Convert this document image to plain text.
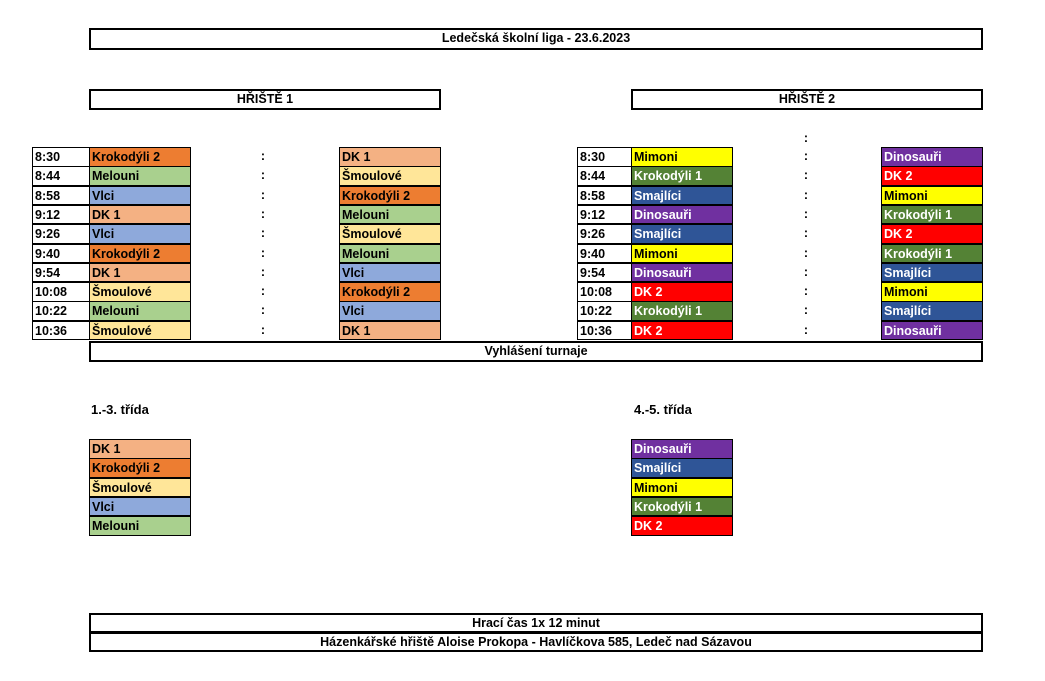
Ledečská školní liga - 23.6.2023
HŘIŠTĚ 1	HŘIŠTĚ 2
:
8:30	Krokodýli 2	:	DK 1
8:44	Melouni	:	Šmoulové
8:58	Vlci	:	Krokodýli 2
9:12	DK 1	:	Melouni
9:26	Vlci	:	Šmoulové
9:40	Krokodýli 2	:	Melouni
9:54	DK 1	:	Vlci
10:08	Šmoulové	:	Krokodýli 2
10:22	Melouni	:	Vlci
10:36	Šmoulové	:	DK 1
8:30	Mimoni	:	Dinosauři
8:44	Krokodýli 1	:	DK 2
8:58	Smajlíci	:	Mimoni
9:12	Dinosauři	:	Krokodýli 1
9:26	Smajlíci	:	DK 2
9:40	Mimoni	:	Krokodýli 1
9:54	Dinosauři	:	Smajlíci
10:08	DK 2	:	Mimoni
10:22	Krokodýli 1	:	Smajlíci
10:36	DK 2	:	Dinosauři
Vyhlášení turnaje
1.-3. třída	4.-5. třída
DK 1
Krokodýli 2
Šmoulové
Vlci
Melouni
Dinosauři
Smajlíci
Mimoni
Krokodýli 1
DK 2
Hrací čas 1x 12 minut
Házenkářské hřiště Aloise Prokopa - Havlíčkova 585, Ledeč nad Sázavou
